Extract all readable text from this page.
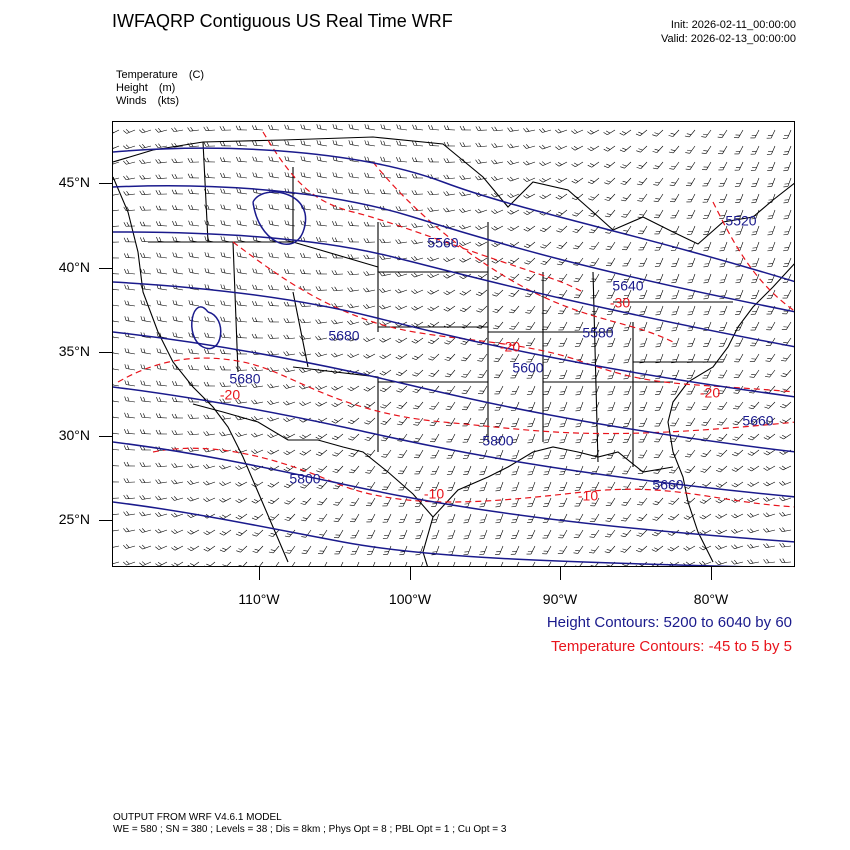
IWFAQRP Contiguous US Real Time WRF	Init: 2026-02-11_00:00:00
Valid: 2026-02-13_00:00:00
Temperature (C)
Height (m)
Winds (kts)
5560
5520
5640
5580
5600
5680
5660
5800
5800	5660
5680
-30
-20
-20
-10	-10
-20
45°N
40°N
35°N
30°N
25°N
110°W	100°W	90°W	80°W
Height Contours: 5200 to 6040 by 60
Temperature Contours: -45 to 5 by 5
OUTPUT FROM WRF V4.6.1 MODEL
WE = 580 ; SN = 380 ; Levels = 38 ; Dis = 8km ; Phys Opt = 8 ; PBL Opt = 1 ; Cu Opt = 3
